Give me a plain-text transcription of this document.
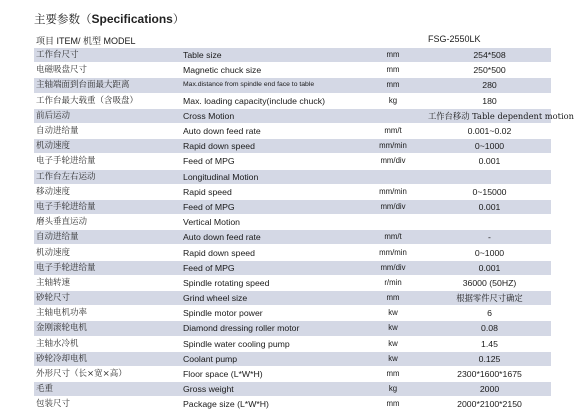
主要参数（Specifications）
项目 ITEM/ 机型 MODEL	FSG-2550LK
工作台尺寸	Table size	mm	254*508
电磁吸盘尺寸	Magnetic chuck size	mm	250*500
主轴端面到台面最大距离	Max.distance from spindle end face to table	mm	280
工作台最大载重（含吸盘）	Max. loading capacity(include chuck)	kg	180
前后运动	Cross Motion		工作台移动 Table dependent motion
自动进给量	Auto down feed rate	mm/t	0.001~0.02
机动速度	Rapid down speed	mm/min	0~1000
电子手轮进给量	Feed of MPG	mm/div	0.001
工作台左右运动	Longitudinal Motion		
移动速度	Rapid speed	mm/min	0~15000
电子手轮进给量	Feed of MPG	mm/div	0.001
磨头垂直运动	Vertical Motion		
自动进给量	Auto down feed rate	mm/t	-
机动速度	Rapid down speed	mm/min	0~1000
电子手轮进给量	Feed of MPG	mm/div	0.001
主轴转速	Spindle rotating speed	r/min	36000 (50HZ)
砂轮尺寸	Grind wheel size	mm	根据零件尺寸确定
主轴电机功率	Spindle motor power	kw	6
金刚滚轮电机	Diamond dressing roller motor	kw	0.08
主轴水冷机	Spindle water cooling pump	kw	1.45
砂轮冷却电机	Coolant pump	kw	0.125
外形尺寸（长×宽×高）	Floor space (L*W*H)	mm	2300*1600*1675
毛重	Gross weight	kg	2000
包装尺寸	Package size (L*W*H)	mm	2000*2100*2150
